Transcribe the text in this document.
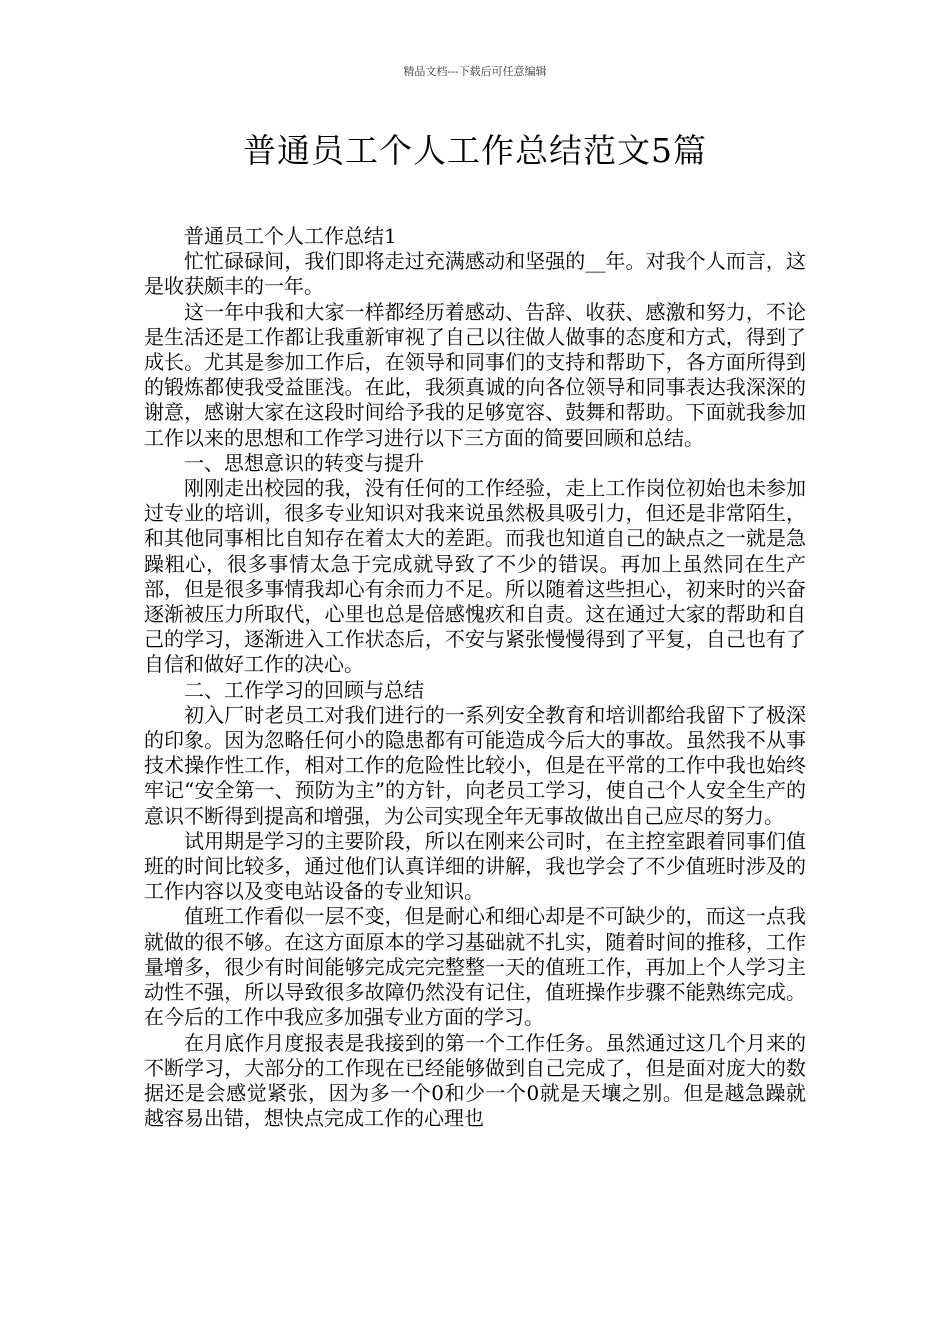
精品文档---下载后可任意编辑
普通员工个人工作总结范文5篇

普通员工个人工作总结1

忙忙碌碌间，我们即将走过充满感动和坚强的__年。对我个人而言，这是收获颇丰的一年。

这一年中我和大家一样都经历着感动、告辞、收获、感激和努力，不论是生活还是工作都让我重新审视了自己以往做人做事的态度和方式，得到了成长。尤其是参加工作后，在领导和同事们的支持和帮助下，各方面所得到的锻炼都使我受益匪浅。在此，我须真诚的向各位领导和同事表达我深深的谢意，感谢大家在这段时间给予我的足够宽容、鼓舞和帮助。下面就我参加工作以来的思想和工作学习进行以下三方面的简要回顾和总结。

一、思想意识的转变与提升

刚刚走出校园的我，没有任何的工作经验，走上工作岗位初始也未参加过专业的培训，很多专业知识对我来说虽然极具吸引力，但还是非常陌生，和其他同事相比自知存在着太大的差距。而我也知道自己的缺点之一就是急躁粗心，很多事情太急于完成就导致了不少的错误。再加上虽然同在生产部，但是很多事情我却心有余而力不足。所以随着这些担心，初来时的兴奋逐渐被压力所取代，心里也总是倍感愧疚和自责。这在通过大家的帮助和自己的学习，逐渐进入工作状态后，不安与紧张慢慢得到了平复，自己也有了自信和做好工作的决心。

二、工作学习的回顾与总结

初入厂时老员工对我们进行的一系列安全教育和培训都给我留下了极深的印象。因为忽略任何小的隐患都有可能造成今后大的事故。虽然我不从事技术操作性工作，相对工作的危险性比较小，但是在平常的工作中我也始终牢记“安全第一、预防为主”的方针，向老员工学习，使自己个人安全生产的意识不断得到提高和增强，为公司实现全年无事故做出自己应尽的努力。

试用期是学习的主要阶段，所以在刚来公司时，在主控室跟着同事们值班的时间比较多，通过他们认真详细的讲解，我也学会了不少值班时涉及的工作内容以及变电站设备的专业知识。

值班工作看似一层不变，但是耐心和细心却是不可缺少的，而这一点我就做的很不够。在这方面原本的学习基础就不扎实，随着时间的推移，工作量增多，很少有时间能够完成完完整整一天的值班工作，再加上个人学习主动性不强，所以导致很多故障仍然没有记住，值班操作步骤不能熟练完成。在今后的工作中我应多加强专业方面的学习。

在月底作月度报表是我接到的第一个工作任务。虽然通过这几个月来的不断学习，大部分的工作现在已经能够做到自己完成了，但是面对庞大的数据还是会感觉紧张，因为多一个0和少一个0就是天壤之别。但是越急躁就越容易出错，想快点完成工作的心理也
